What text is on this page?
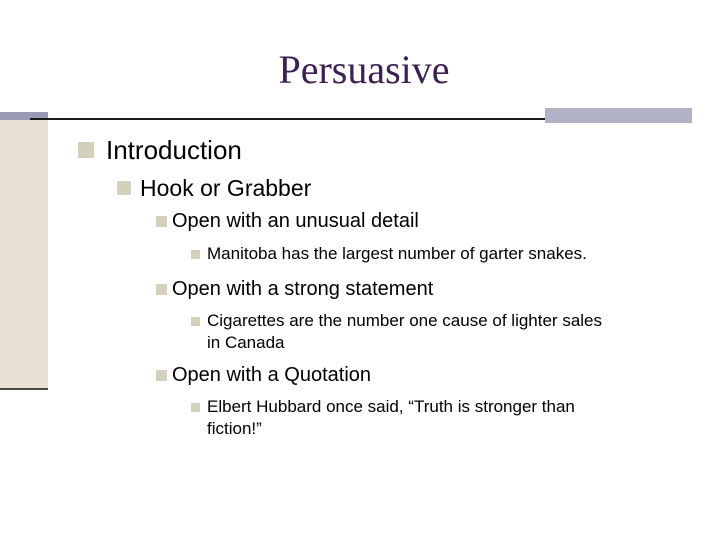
Persuasive
Introduction
Hook or Grabber
Open with an unusual detail
Manitoba has the largest number of garter snakes.
Open with a strong statement
Cigarettes are the number one cause of lighter sales
in Canada
Open with a Quotation
Elbert Hubbard once said, “Truth is stronger than
fiction!”
